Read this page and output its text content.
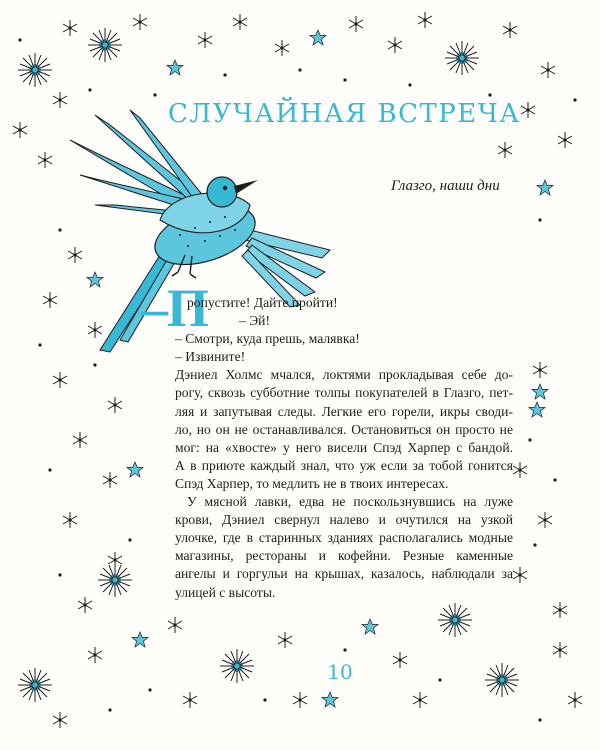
СЛУЧАЙНАЯ ВСТРЕЧА
Глазго, наши дни
–П
ропустите! Дайте пройти!
– Эй!
– Смотри, куда прешь, малявка!
– Извините!
Дэниел Холмс мчался, локтями прокладывая себе до-
рогу, сквозь субботние толпы покупателей в Глазго, пет-
ляя и запутывая следы. Легкие его горели, икры своди-
ло, но он не останавливался. Остановиться он просто не
мог: на «хвосте» у него висели Спэд Харпер с бандой.
А в приюте каждый знал, что уж если за тобой гонится
Спэд Харпер, то медлить не в твоих интересах.
У мясной лавки, едва не поскользнувшись на луже
крови, Дэниел свернул налево и очутился на узкой
улочке, где в старинных зданиях располагались модные
магазины, рестораны и кофейни. Резные каменные
ангелы и горгульи на крышах, казалось, наблюдали за
улицей с высоты.
10
